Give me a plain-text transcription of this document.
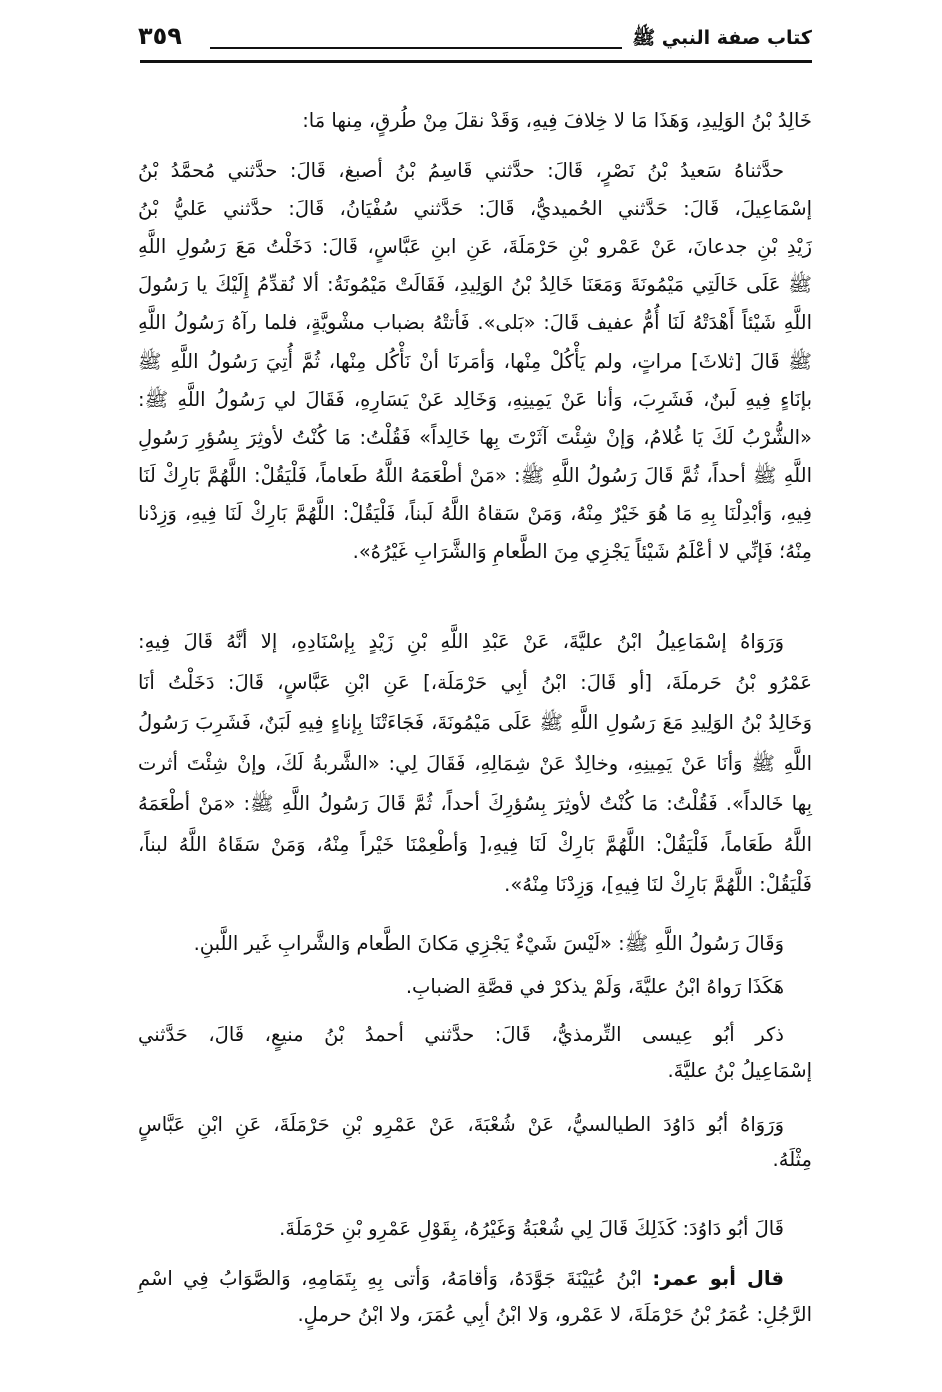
كتاب صفة النبي ﷺ
٣٥٩
خَالِدُ بْنُ الوَلِيدِ، وَهَذَا مَا لا خِلافَ فِيهِ، وَقَدْ نقلَ مِنْ طُرقٍ، مِنها مَا:
حدَّثناهُ سَعيدُ بْنُ نَصْرٍ، قَالَ: حدَّثني قَاسِمُ بْنُ أصبغ، قَالَ: حدَّثني مُحمَّدُ بْنُ
إسْمَاعِيلَ، قَالَ: حَدَّثني الحُميديُّ، قَالَ: حَدَّثني سُفْيَانُ، قَالَ: حدَّثني عَليُّ بْنُ
زَيْدِ بْنِ جدعانَ، عَنْ عَمْرو بْنِ حَرْمَلَةَ، عَنِ ابنِ عَبَّاسٍ، قَالَ: دَخَلْتُ مَعَ رَسُولِ اللَّهِ
ﷺ عَلَى خَالَتِي مَيْمُونَةَ وَمَعَنَا خَالِدُ بْنُ الوَلِيدِ، فَقَالَتْ مَيْمُونَةُ: ألا نُقدِّمُ إِلَيْكَ يا رَسُولَ
اللَّهِ شَيْئاً أَهْدَتْهُ لَنَا أُمُّ عفيف قَالَ: «بَلى». فَأتتْهُ بضباب مشْويَّةٍ، فلما رآهُ رَسُولُ اللَّهِ
ﷺ قَالَ [ثلاثَ] مراتٍ، ولم يَأْكُلْ مِنْها، وَأمَرنَا أنْ نَأْكُل مِنْها، ثُمَّ أُتِيَ رَسُولُ اللَّهِ ﷺ
بإنَاءٍ فِيهِ لَبنٌ، فَشَرِبَ، وَأنا عَنْ يَمِينِهِ، وَخَالِد عَنْ يَسَارِهِ، فَقَالَ لي رَسُولُ اللَّهِ ﷺ:
«الشُّرْبُ لَكَ يَا غُلامُ، وَإنْ شِئْتَ آثَرْتَ بِها خَالِداً» فَقُلْتُ: مَا كُنْتُ لأوثِرَ بِسُؤرِ رَسُولِ
اللَّهِ ﷺ أحداً، ثُمَّ قَالَ رَسُولُ اللَّهِ ﷺ: «مَنْ أطْعَمَهُ اللَّهُ طَعاماً، فَلْيَقُلْ: اللَّهُمَّ بَارِكْ لَنَا
فِيهِ، وَأبْدِلْنَا بِهِ مَا هُوَ خَيْرٌ مِنْهُ، وَمَنْ سَقاهُ اللَّهُ لَبناً، فَلْيَقُلْ: اللَّهُمَّ بَارِكْ لَنَا فِيهِ، وَزِدْنا
مِنْهُ؛ فَإنِّي لا أعْلَمُ شَيْئاً يَجْزِي مِنَ الطَّعامِ وَالشَّرَابِ غَيْرُهُ».
وَرَوَاهُ إسْمَاعِيلُ ابْنُ عليَّةَ، عَنْ عَبْدِ اللَّهِ بْنِ زَيْدٍ بِإسْنَادِهِ، إلا أنَّهُ قَالَ فِيهِ:
عَمْرُو بْنُ حَرملَةَ، [أو قَالَ: ابْنُ أبِي حَرْمَلَة،] عَنِ ابْنِ عَبَّاسٍ، قَالَ: دَخَلْتُ أنَا
وَخَالِدُ بْنُ الوَلِيدِ مَعَ رَسُولِ اللَّهِ ﷺ عَلَى مَيْمُونَةَ، فَجَاءَتْنَا بِإناءٍ فِيهِ لَبَنٌ، فَشَرِبَ رَسُولُ
اللَّهِ ﷺ وَأنَا عَنْ يَمِينِهِ، وخالِدٌ عَنْ شِمَالِهِ، فَقَالَ لِي: «الشَّربةُ لَكَ، وإنْ شِئْتَ أثرت
بِها خَالداً». فَقُلْتُ: مَا كُنْتُ لأوثِرَ بِسُؤرِكَ أحداً، ثُمَّ قَالَ رَسُولُ اللَّهِ ﷺ: «مَنْ أطْعَمَهُ
اللَّهُ طَعَاماً، فَلْيَقُلْ: اللَّهُمَّ بَارِكْ لَنَا فِيهِ،[ وَأطْعِمْنَا خَيْراً مِنْهُ، وَمَنْ سَقَاهُ اللَّهُ لبناً،
فَلْيَقُلْ: اللَّهُمَّ بَارِكْ لنَا فِيهِ]، وَزِدْنَا مِنْهُ».
وَقَالَ رَسُولُ اللَّهِ ﷺ: «لَيْسَ شَيْءٌ يَجْزِي مَكانَ الطَّعام وَالشَّرابِ غَير اللَّبنِ.
هَكَذَا رَواهُ ابْنُ عليَّةَ، وَلَمْ يذكرْ في قصَّةِ الضبابِ.
ذكر أبُو عِيسى التِّرمذيُّ، قَالَ: حدَّثني أحمدُ بْنُ منيعٍ، قَالَ، حَدَّثني
إسْمَاعِيلُ بْنُ عليَّةَ.
وَرَوَاهُ أبُو دَاوُدَ الطيالسيُّ، عَنْ شُعْبَةَ، عَنْ عَمْرِو بْنِ حَرْمَلَةَ، عَنِ ابْنِ عَبَّاسٍ
مِثْلَهُ.
قَالَ أبُو دَاوُدَ: كَذَلِكَ قَالَ لِي شُعْبَةُ وَغَيْرُهُ، بِقَوْلِ عَمْرِو بْنِ حَرْمَلَةَ.
قال أبو عمر: ابْنُ عُيَيْنَةَ جَوَّدَهُ، وَأقامَهُ، وَأتى بِهِ بِتَمَامِهِ، وَالصَّوَابُ فِي اسْمِ
الرَّجُلِ: عُمَرُ بْنُ حَرْمَلَةَ، لا عَمْرو، وَلا ابْنُ أبِي عُمَرَ، ولا ابْنُ حرملٍ.
